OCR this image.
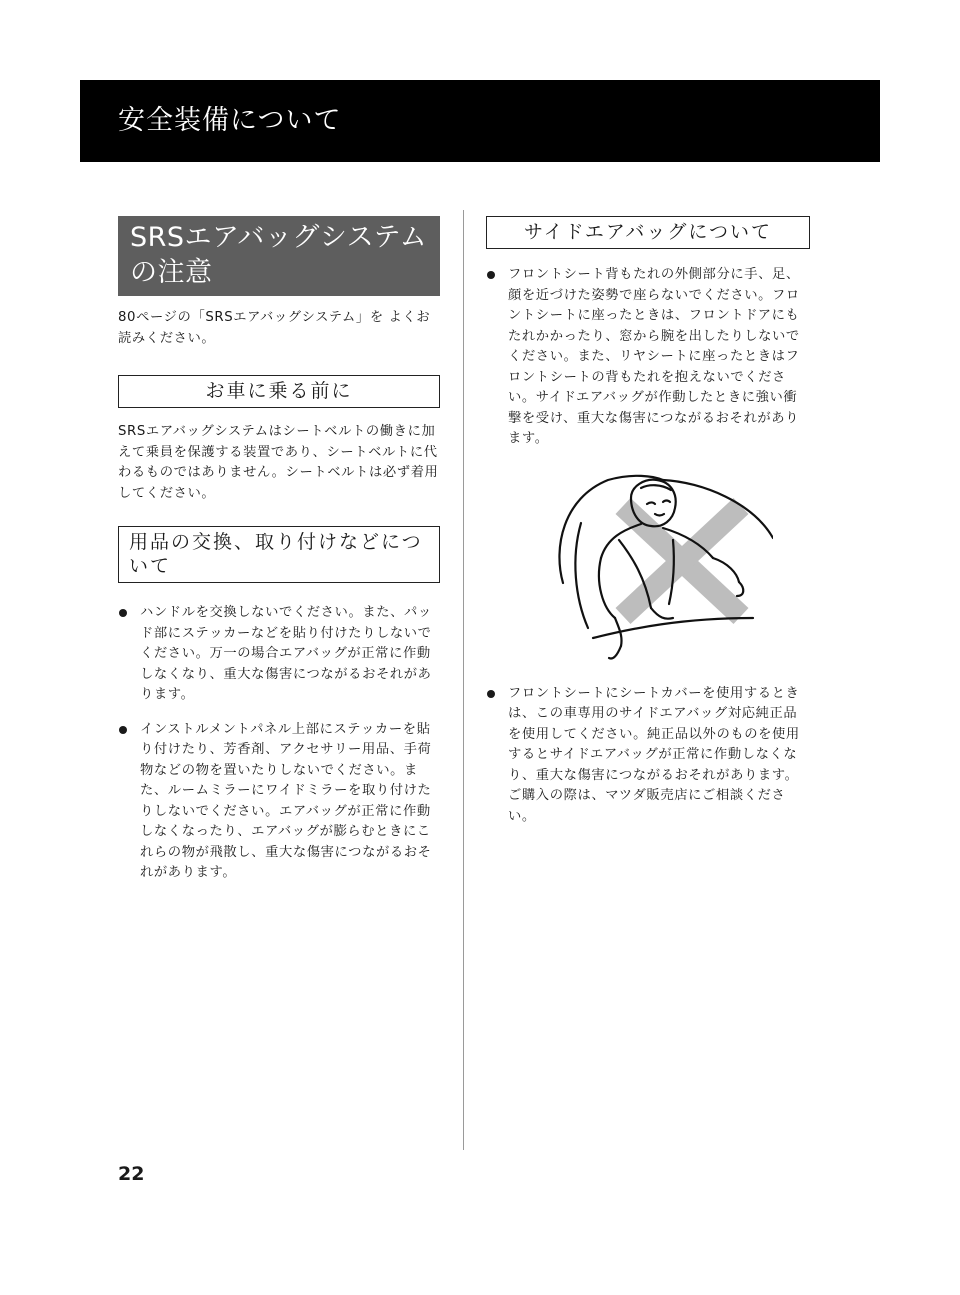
安全装備について
SRSエアバッグシステム
の注意

80ページの「SRSエアバッグシステム」を よくお読みください。

お車に乗る前に

SRSエアバッグシステムはシートベルトの働きに加えて乗員を保護する装置であり、シートベルトに代わるものではありません。シートベルトは必ず着用してください。

用品の交換、取り付けなどについて
ハンドルを交換しないでください。また、パッド部にステッカーなどを貼り付けたりしないでください。万一の場合エアバッグが正常に作動しなくなり、重大な傷害につながるおそれがあります。
インストルメントパネル上部にステッカーを貼り付けたり、芳香剤、アクセサリー用品、手荷物などの物を置いたりしないでください。また、ルームミラーにワイドミラーを取り付けたりしないでください。エアバッグが正常に作動しなくなったり、エアバッグが膨らむときにこれらの物が飛散し、重大な傷害につながるおそれがあります。
サイドエアバッグについて
フロントシート背もたれの外側部分に手、足、顔を近づけた姿勢で座らないでください。フロントシートに座ったときは、フロントドアにもたれかかったり、窓から腕を出したりしないでください。また、リヤシートに座ったときはフロントシートの背もたれを抱えないでください。サイドエアバッグが作動したときに強い衝撃を受け、重大な傷害につながるおそれがあります。
フロントシートにシートカバーを使用するときは、この車専用のサイドエアバッグ対応純正品を使用してください。純正品以外のものを使用するとサイドエアバッグが正常に作動しなくなり、重大な傷害につながるおそれがあります。ご購入の際は、マツダ販売店にご相談ください。
22
